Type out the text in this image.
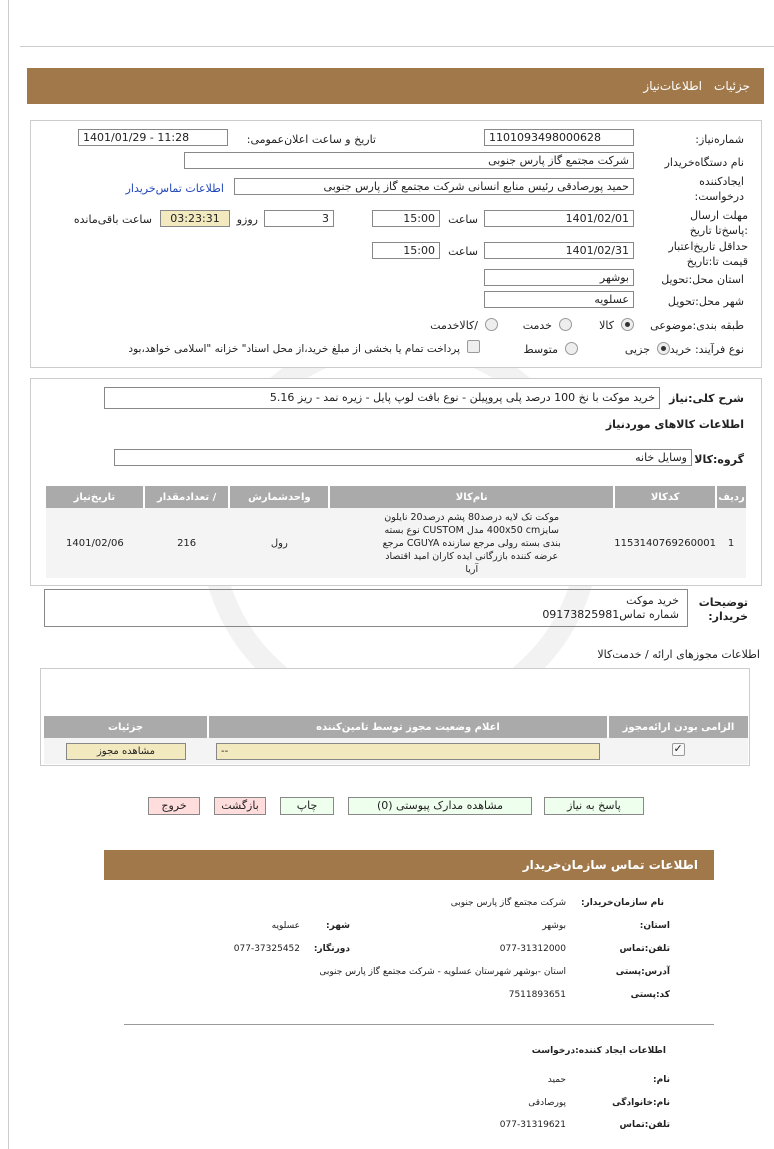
جزئیات
اطلاعات‌نیاز
شماره‌نیاز:
1101093498000628
تاریخ و ساعت اعلان‌عمومی:
1401/01/29 - 11:28
نام دستگاه‌خریدار
شرکت مجتمع گاز پارس جنوبی
ایجادکننده درخواست:
حمید پورصادقی رئیس منابع انسانی شرکت مجتمع گاز پارس جنوبی
اطلاعات تماس‌خریدار
مهلت ارسال :پاسخ‌تا تاریخ
1401/02/01
ساعت
15:00
3
روزو
03:23:31
ساعت باقی‌مانده
حداقل تاریخ‌اعتبار قیمت تا:تاریخ
1401/02/31
ساعت
15:00
استان محل:تحویل
بوشهر
شهر محل:تحویل
عسلویه
طبقه بندی:موضوعی
کالا
خدمت
/کالاخدمت
نوع فرآیند: خرید
جزیی
متوسط
پرداخت تمام یا بخشی از مبلغ خرید،از محل اسناد" خزانه "اسلامی خواهد،بود
شرح کلی:نیاز
خرید موکت با نخ 100 درصد پلی پروپیلن - نوع بافت لوپ پایل - زیره نمد - ریز 5.16
اطلاعات کالاهای موردنیاز
گروه:کالا
وسایل خانه
ردیف	کدکالا	نام‌کالا	واحدشمارش	/ تعدادمقدار	تاریخ‌نیاز
1	1153140769260001	موکت تک لایه درصد80 پشم درصد20 نایلون سایز400x50 cm مدل CUSTOM نوع بسته بندی بسته رولی مرجع سازنده CGUYA مرجع عرضه کننده بازرگانی ایده کاران امید اقتصاد آریا	رول	216	1401/02/06
توضیحات خریدار:
خرید موکت
شماره تماس09173825981
اطلاعات مجوزهای ارائه / خدمت‌کالا
الزامی بودن ارائه‌مجوز	اعلام وضعیت مجوز توسط تامین‌کننده	جزئیات

✓	--	مشاهده مجوز
پاسخ به نیاز
مشاهده مدارک پیوستی (0)
چاپ
بازگشت
خروج
اطلاعات تماس سازمان‌خریدار
نام سازمان‌خریدار:
شرکت مجتمع گاز پارس جنوبی
استان:
بوشهر
شهر:
عسلویه
تلفن:تماس
077-31312000
دورنگار:
077-37325452
آدرس:پستی
استان -بوشهر شهرستان عسلویه - شرکت مجتمع گاز پارس جنوبی
کد:پستی
7511893651
اطلاعات ایجاد کننده:درخواست
نام:
حمید
نام:خانوادگی
پورصادقی
تلفن:تماس
077-31319621
